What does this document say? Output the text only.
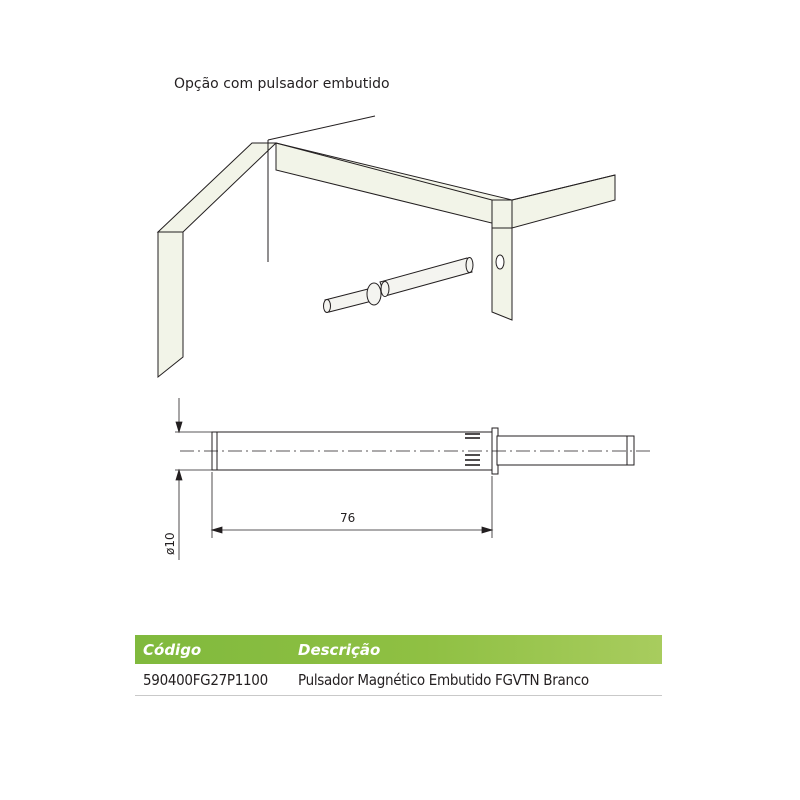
Opção com pulsador embutido
ø10
76
Código	Descrição
590400FG27P1100	Pulsador Magnético Embutido FGVTN Branco
